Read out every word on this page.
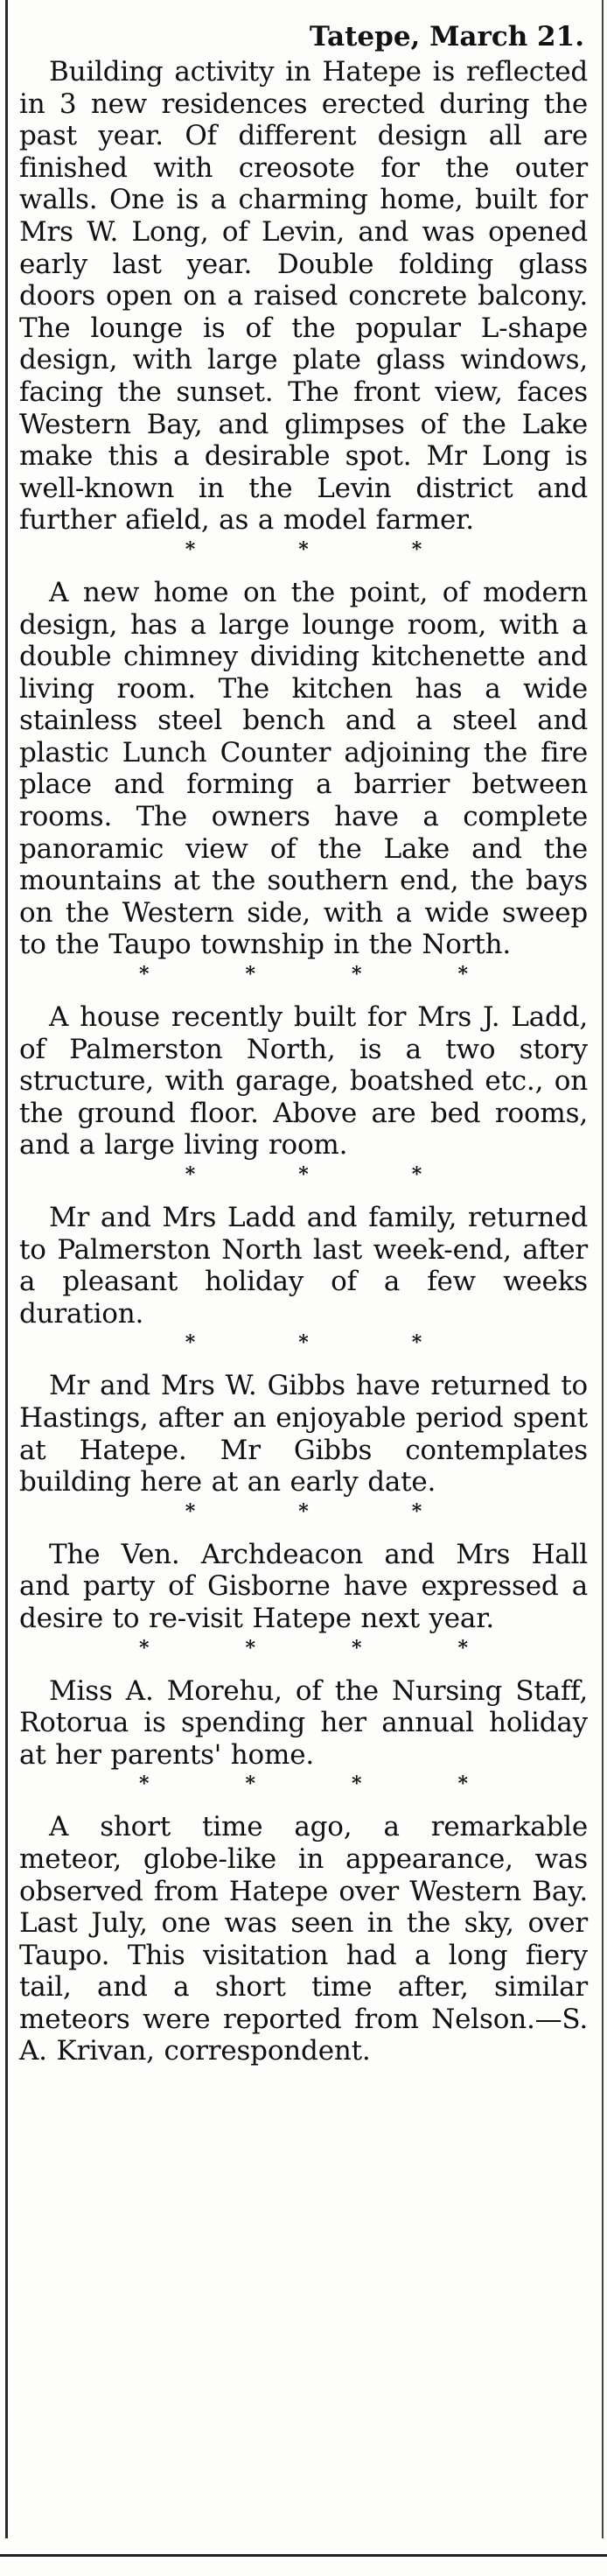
Tatepe, March 21.

Building activity in Hatepe is reflected in 3 new residences erected during the past year. Of different design all are finished with creosote for the outer walls. One is a charming home, built for Mrs W. Long, of Levin, and was opened early last year. Double folding glass doors open on a raised concrete balcony. The lounge is of the popular L-shape design, with large plate glass windows, facing the sunset. The front view, faces Western Bay, and glimpses of the Lake make this a desirable spot. Mr Long is well-known in the Levin district and further afield, as a model farmer.

*	*	*

A new home on the point, of modern design, has a large lounge room, with a double chimney dividing kitchenette and living room. The kitchen has a wide stainless steel bench and a steel and plastic Lunch Counter adjoining the fire place and forming a barrier between rooms. The owners have a complete panoramic view of the Lake and the mountains at the southern end, the bays on the Western side, with a wide sweep to the Taupo township in the North.

*	*	*	*

A house recently built for Mrs J. Ladd, of Palmerston North, is a two story structure, with garage, boatshed etc., on the ground floor. Above are bed rooms, and a large living room.

*	*	*

Mr and Mrs Ladd and family, returned to Palmerston North last week-end, after a pleasant holiday of a few weeks duration.

*	*	*

Mr and Mrs W. Gibbs have returned to Hastings, after an enjoyable period spent at Hatepe. Mr Gibbs contemplates building here at an early date.

*	*	*

The Ven. Archdeacon and Mrs Hall and party of Gisborne have expressed a desire to re-visit Hatepe next year.

*	*	*	*

Miss A. Morehu, of the Nursing Staff, Rotorua is spending her annual holiday at her parents' home.

*	*	*	*

A short time ago, a remarkable meteor, globe-like in appearance, was observed from Hatepe over Western Bay. Last July, one was seen in the sky, over Taupo. This visitation had a long fiery tail, and a short time after, similar meteors were reported from Nelson.—S. A. Krivan, correspondent.
